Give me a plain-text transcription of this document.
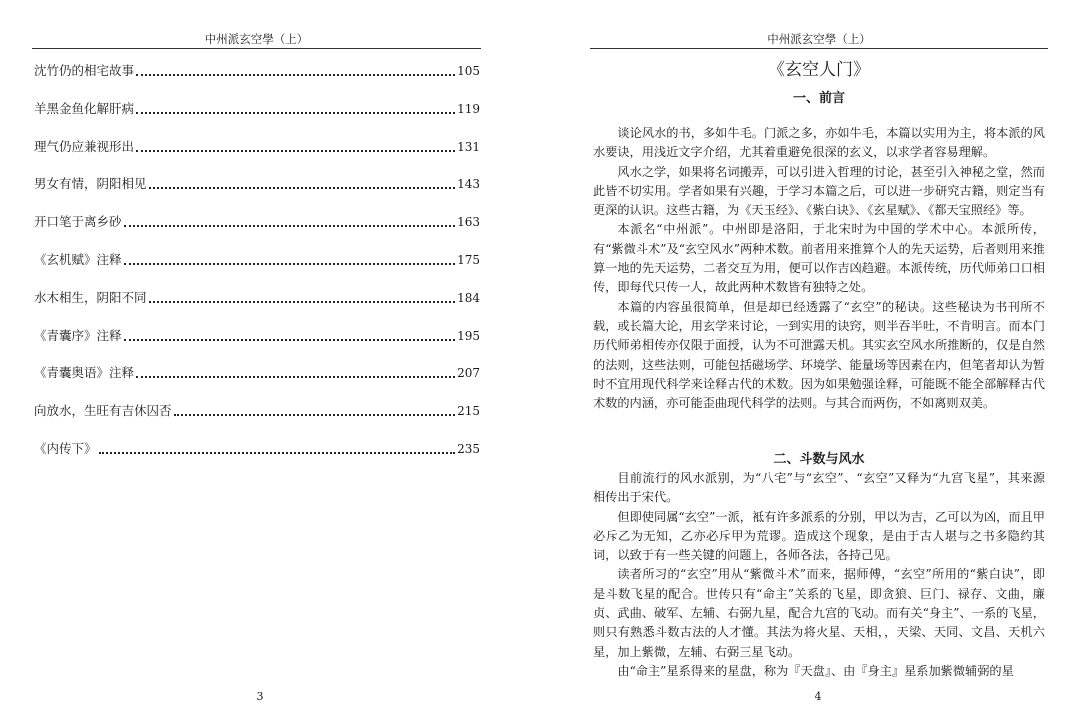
中州派玄空學（上）
沈竹仍的相宅故事	105
羊黑金鱼化解肝病	119
理气仍应兼视形出	131
男女有情，阴阳相见	143
开口笔于离乡砂	163
《玄机赋》注释	175
水木相生，阴阳不同	184
《青囊序》注释	195
《青囊奥语》注释	207
向放水，生旺有吉休囚否	215
《内传下》	235
3
中州派玄空學（上）
《玄空人门》
一、前言

谈论风水的书，多如牛毛。门派之多，亦如牛毛，本篇以实用为主，将本派的风水要诀，用浅近文字介绍，尤其着重避免很深的玄义，以求学者容易理解。

风水之学，如果将名词搬弄，可以引进入哲理的讨论，甚至引入神秘之堂，然而此皆不切实用。学者如果有兴趣，于学习本篇之后，可以进一步研究古籍，则定当有更深的认识。这些古籍，为《天玉经》、《紫白诀》、《玄星赋》、《都天宝照经》等。

本派名“中州派”。中州即是洛阳，于北宋时为中国的学术中心。本派所传，有“紫微斗术”及“玄空风水”两种术数。前者用来推算个人的先天运势，后者则用来推算一地的先天运势，二者交互为用，便可以作吉凶趋避。本派传统，历代师弟口口相传，即每代只传一人，故此两种术数皆有独特之处。

本篇的内容虽很简单，但是却已经透露了“玄空”的秘诀。这些秘诀为书刊所不载，或长篇大论，用玄学来讨论，一到实用的诀窍，则半吞半吐，不肯明言。而本门历代师弟相传亦仅限于面授，认为不可泄露天机。其实玄空风水所推断的，仅是自然的法则，这些法则，可能包括磁场学、环境学、能量场等因素在内，但笔者却认为暂时不宜用现代科学来诠释古代的术数。因为如果勉强诠释，可能既不能全部解释古代术数的内涵，亦可能歪曲现代科学的法则。与其合而两伤，不如离则双美。

二、斗数与风水

目前流行的风水派别，为“八宅”与“玄空”、“玄空”又释为“九宫飞星”，其来源相传出于宋代。

但即使同属“玄空”一派，袛有许多派系的分别，甲以为吉，乙可以为凶，而且甲必斥乙为无知，乙亦必斥甲为荒谬。造成这个现象，是由于古人堪与之书多隐约其词，以致于有一些关键的问题上，各师各法，各持己见。

读者所习的“玄空”用从“紫微斗术”而来，据师傅，“玄空”所用的“紫白诀”，即是斗数飞星的配合。世传只有“命主”关系的飞星，即贪狼、巨门、禄存、文曲，廉贞、武曲、破军、左辅、右弼九星，配合九宫的飞动。而有关“身主”、一系的飞星，则只有熟悉斗数古法的人才懂。其法为将火星、天相，，天梁、天同、文昌、天机六星，加上紫微，左辅、右弼三星飞动。

由“命主”星系得来的星盘，称为『天盘』、由『身主』星系加紫微辅弼的星

4
